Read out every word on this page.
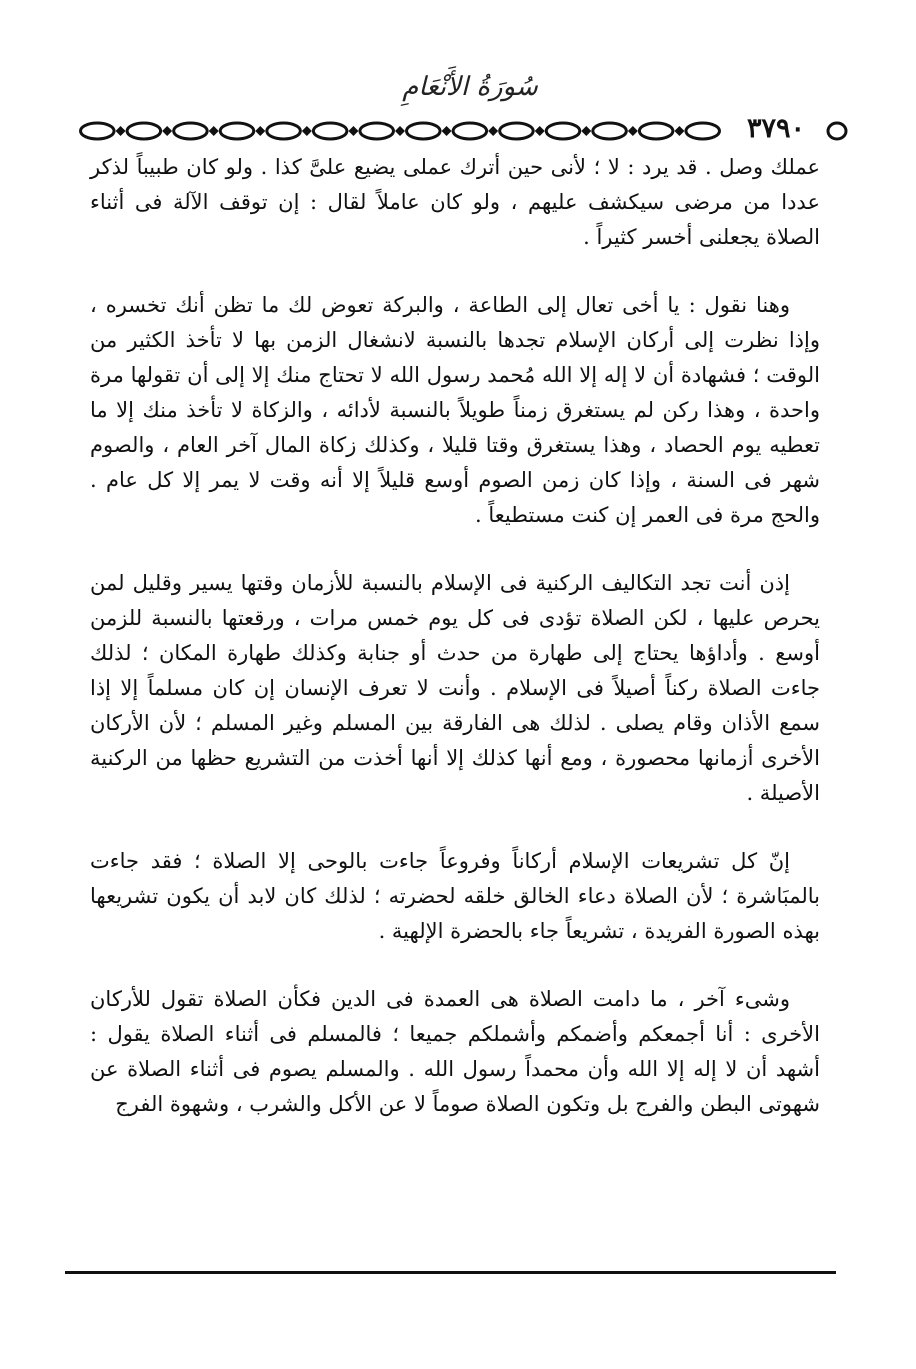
سُورَةُ الأَنْعَامِ
٣٧٩٠

عملك وصل . قد يرد : لا ؛ لأنى حين أترك عملى يضيع علىَّ كذا . ولو كان طبيباً لذكر عددا من مرضى سيكشف عليهم ، ولو كان عاملاً لقال : إن توقف الآلة فى أثناء الصلاة يجعلنى أخسر كثيراً .

وهنا نقول : يا أخى تعال إلى الطاعة ، والبركة تعوض لك ما تظن أنك تخسره ، وإذا نظرت إلى أركان الإسلام تجدها بالنسبة لانشغال الزمن بها لا تأخذ الكثير من الوقت ؛ فشهادة أن لا إله إلا الله مُحمد رسول الله لا تحتاج منك إلا إلى أن تقولها مرة واحدة ، وهذا ركن لم يستغرق زمناً طويلاً بالنسبة لأدائه ، والزكاة لا تأخذ منك إلا ما تعطيه يوم الحصاد ، وهذا يستغرق وقتا قليلا ، وكذلك زكاة المال آخر العام ، والصوم شهر فى السنة ، وإذا كان زمن الصوم أوسع قليلاً إلا أنه وقت لا يمر إلا كل عام . والحج مرة فى العمر إن كنت مستطيعاً .

إذن أنت تجد التكاليف الركنية فى الإسلام بالنسبة للأزمان وقتها يسير وقليل لمن يحرص عليها ، لكن الصلاة تؤدى فى كل يوم خمس مرات ، ورقعتها بالنسبة للزمن أوسع . وأداؤها يحتاج إلى طهارة من حدث أو جنابة وكذلك طهارة المكان ؛ لذلك جاءت الصلاة ركناً أصيلاً فى الإسلام . وأنت لا تعرف الإنسان إن كان مسلماً إلا إذا سمع الأذان وقام يصلى . لذلك هى الفارقة بين المسلم وغير المسلم ؛ لأن الأركان الأخرى أزمانها محصورة ، ومع أنها كذلك إلا أنها أخذت من التشريع حظها من الركنية الأصيلة .

إنّ كل تشريعات الإسلام أركاناً وفروعاً جاءت بالوحى إلا الصلاة ؛ فقد جاءت بالمبَاشرة ؛ لأن الصلاة دعاء الخالق خلقه لحضرته ؛ لذلك كان لابد أن يكون تشريعها بهذه الصورة الفريدة ، تشريعاً جاء بالحضرة الإلهية .

وشىء آخر ، ما دامت الصلاة هى العمدة فى الدين فكأن الصلاة تقول للأركان الأخرى : أنا أجمعكم وأضمكم وأشملكم جميعا ؛ فالمسلم فى أثناء الصلاة يقول : أشهد أن لا إله إلا الله وأن محمداً رسول الله . والمسلم يصوم فى أثناء الصلاة عن شهوتى البطن والفرج بل وتكون الصلاة صوماً لا عن الأكل والشرب ، وشهوة الفرج
